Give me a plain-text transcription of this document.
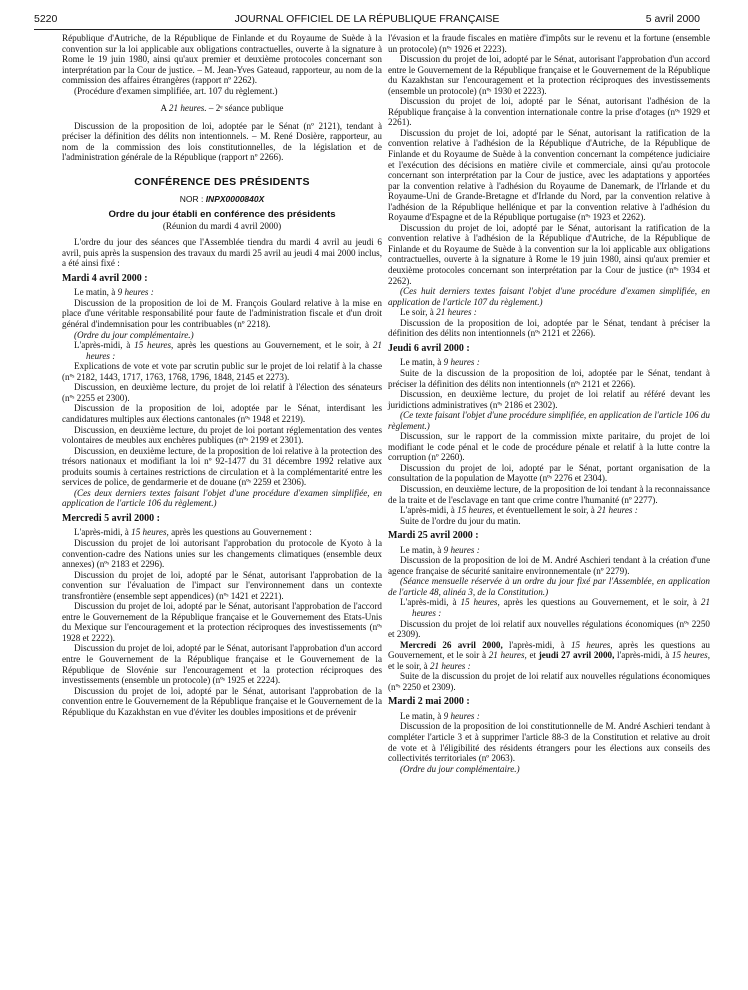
5220	JOURNAL OFFICIEL DE LA RÉPUBLIQUE FRANÇAISE	5 avril 2000

République d'Autriche, de la République de Finlande et du Royaume de Suède à la convention sur la loi applicable aux obligations contractuelles, ouverte à la signature à Rome le 19 juin 1980, ainsi qu'aux premier et deuxième protocoles concernant son interprétation par la Cour de justice. – M. Jean-Yves Gateaud, rapporteur, au nom de la commission des affaires étrangères (rapport nº 2262).

(Procédure d'examen simplifiée, art. 107 du règlement.)

A 21 heures. – 2ᵉ séance publique

Discussion de la proposition de loi, adoptée par le Sénat (nº 2121), tendant à préciser la définition des délits non intentionnels. – M. René Dosière, rapporteur, au nom de la commission des lois constitutionnelles, de la législation et de l'administration générale de la République (rapport nº 2266).

CONFÉRENCE DES PRÉSIDENTS
NOR : INPX0000840X
Ordre du jour établi en conférence des présidents
(Réunion du mardi 4 avril 2000)

L'ordre du jour des séances que l'Assemblée tiendra du mardi 4 avril au jeudi 6 avril, puis après la suspension des travaux du mardi 25 avril au jeudi 4 mai 2000 inclus, a été ainsi fixé :

Mardi 4 avril 2000 :

Le matin, à 9 heures :

Discussion de la proposition de loi de M. François Goulard relative à la mise en place d'une véritable responsabilité pour faute de l'administration fiscale et d'un droit général d'indemnisation pour les contribuables (nº 2218).

(Ordre du jour complémentaire.)

L'après-midi, à 15 heures, après les questions au Gouvernement, et le soir, à 21 heures :

Explications de vote et vote par scrutin public sur le projet de loi relatif à la chasse (nºˢ 2182, 1443, 1717, 1763, 1768, 1796, 1848, 2145 et 2273).

Discussion, en deuxième lecture, du projet de loi relatif à l'élection des sénateurs (nºˢ 2255 et 2300).

Discussion de la proposition de loi, adoptée par le Sénat, interdisant les candidatures multiples aux élections cantonales (nºˢ 1948 et 2219).

Discussion, en deuxième lecture, du projet de loi portant réglementation des ventes volontaires de meubles aux enchères publiques (nºˢ 2199 et 2301).

Discussion, en deuxième lecture, de la proposition de loi relative à la protection des trésors nationaux et modifiant la loi nº 92-1477 du 31 décembre 1992 relative aux produits soumis à certaines restrictions de circulation et à la complémentarité entre les services de police, de gendarmerie et de douane (nºˢ 2259 et 2306).

(Ces deux derniers textes faisant l'objet d'une procédure d'examen simplifiée, en application de l'article 106 du règlement.)

Mercredi 5 avril 2000 :

L'après-midi, à 15 heures, après les questions au Gouvernement :

Discussion du projet de loi autorisant l'approbation du protocole de Kyoto à la convention-cadre des Nations unies sur les changements climatiques (ensemble deux annexes) (nºˢ 2183 et 2296).

Discussion du projet de loi, adopté par le Sénat, autorisant l'approbation de la convention sur l'évaluation de l'impact sur l'environnement dans un contexte transfrontière (ensemble sept appendices) (nºˢ 1421 et 2221).

Discussion du projet de loi, adopté par le Sénat, autorisant l'approbation de l'accord entre le Gouvernement de la République française et le Gouvernement des Etats-Unis du Mexique sur l'encouragement et la protection réciproques des investissements (nºˢ 1928 et 2222).

Discussion du projet de loi, adopté par le Sénat, autorisant l'approbation d'un accord entre le Gouvernement de la République française et le Gouvernement de la République de Slovénie sur l'encouragement et la protection réciproques des investissements (ensemble un protocole) (nºˢ 1925 et 2224).

Discussion du projet de loi, adopté par le Sénat, autorisant l'approbation de la convention entre le Gouvernement de la République française et le Gouvernement de la République du Kazakhstan en vue d'éviter les doubles impositions et de prévenir

l'évasion et la fraude fiscales en matière d'impôts sur le revenu et la fortune (ensemble un protocole) (nºˢ 1926 et 2223).

Discussion du projet de loi, adopté par le Sénat, autorisant l'approbation d'un accord entre le Gouvernement de la République française et le Gouvernement de la République du Kazakhstan sur l'encouragement et la protection réciproques des investissements (ensemble un protocole) (nºˢ 1930 et 2223).

Discussion du projet de loi, adopté par le Sénat, autorisant l'adhésion de la République française à la convention internationale contre la prise d'otages (nºˢ 1929 et 2261).

Discussion du projet de loi, adopté par le Sénat, autorisant la ratification de la convention relative à l'adhésion de la République d'Autriche, de la République de Finlande et du Royaume de Suède à la convention concernant la compétence judiciaire et l'exécution des décisions en matière civile et commerciale, ainsi qu'au protocole concernant son interprétation par la Cour de justice, avec les adaptations y apportées par la convention relative à l'adhésion du Royaume de Danemark, de l'Irlande et du Royaume-Uni de Grande-Bretagne et d'Irlande du Nord, par la convention relative à l'adhésion de la République hellénique et par la convention relative à l'adhésion du Royaume d'Espagne et de la République portugaise (nºˢ 1923 et 2262).

Discussion du projet de loi, adopté par le Sénat, autorisant la ratification de la convention relative à l'adhésion de la République d'Autriche, de la République de Finlande et du Royaume de Suède à la convention sur la loi applicable aux obligations contractuelles, ouverte à la signature à Rome le 19 juin 1980, ainsi qu'aux premier et deuxième protocoles concernant son interprétation par la Cour de justice (nºˢ 1934 et 2262).

(Ces huit derniers textes faisant l'objet d'une procédure d'examen simplifiée, en application de l'article 107 du règlement.)

Le soir, à 21 heures :

Discussion de la proposition de loi, adoptée par le Sénat, tendant à préciser la définition des délits non intentionnels (nºˢ 2121 et 2266).

Jeudi 6 avril 2000 :

Le matin, à 9 heures :

Suite de la discussion de la proposition de loi, adoptée par le Sénat, tendant à préciser la définition des délits non intentionnels (nºˢ 2121 et 2266).

Discussion, en deuxième lecture, du projet de loi relatif au référé devant les juridictions administratives (nºˢ 2186 et 2302).

(Ce texte faisant l'objet d'une procédure simplifiée, en application de l'article 106 du règlement.)

Discussion, sur le rapport de la commission mixte paritaire, du projet de loi modifiant le code pénal et le code de procédure pénale et relatif à la lutte contre la corruption (nº 2260).

Discussion du projet de loi, adopté par le Sénat, portant organisation de la consultation de la population de Mayotte (nºˢ 2276 et 2304).

Discussion, en deuxième lecture, de la proposition de loi tendant à la reconnaissance de la traite et de l'esclavage en tant que crime contre l'humanité (nº 2277).

L'après-midi, à 15 heures, et éventuellement le soir, à 21 heures :

Suite de l'ordre du jour du matin.

Mardi 25 avril 2000 :

Le matin, à 9 heures :

Discussion de la proposition de loi de M. André Aschieri tendant à la création d'une agence française de sécurité sanitaire environnementale (nº 2279).

(Séance mensuelle réservée à un ordre du jour fixé par l'Assemblée, en application de l'article 48, alinéa 3, de la Constitution.)

L'après-midi, à 15 heures, après les questions au Gouvernement, et le soir, à 21 heures :

Discussion du projet de loi relatif aux nouvelles régulations économiques (nºˢ 2250 et 2309).

Mercredi 26 avril 2000, l'après-midi, à 15 heures, après les questions au Gouvernement, et le soir à 21 heures, et jeudi 27 avril 2000, l'après-midi, à 15 heures, et le soir, à 21 heures :

Suite de la discussion du projet de loi relatif aux nouvelles régulations économiques (nºˢ 2250 et 2309).

Mardi 2 mai 2000 :

Le matin, à 9 heures :

Discussion de la proposition de loi constitutionnelle de M. André Aschieri tendant à compléter l'article 3 et à supprimer l'article 88-3 de la Constitution et relative au droit de vote et à l'éligibilité des résidents étrangers pour les élections aux conseils des collectivités territoriales (nº 2063).

(Ordre du jour complémentaire.)
